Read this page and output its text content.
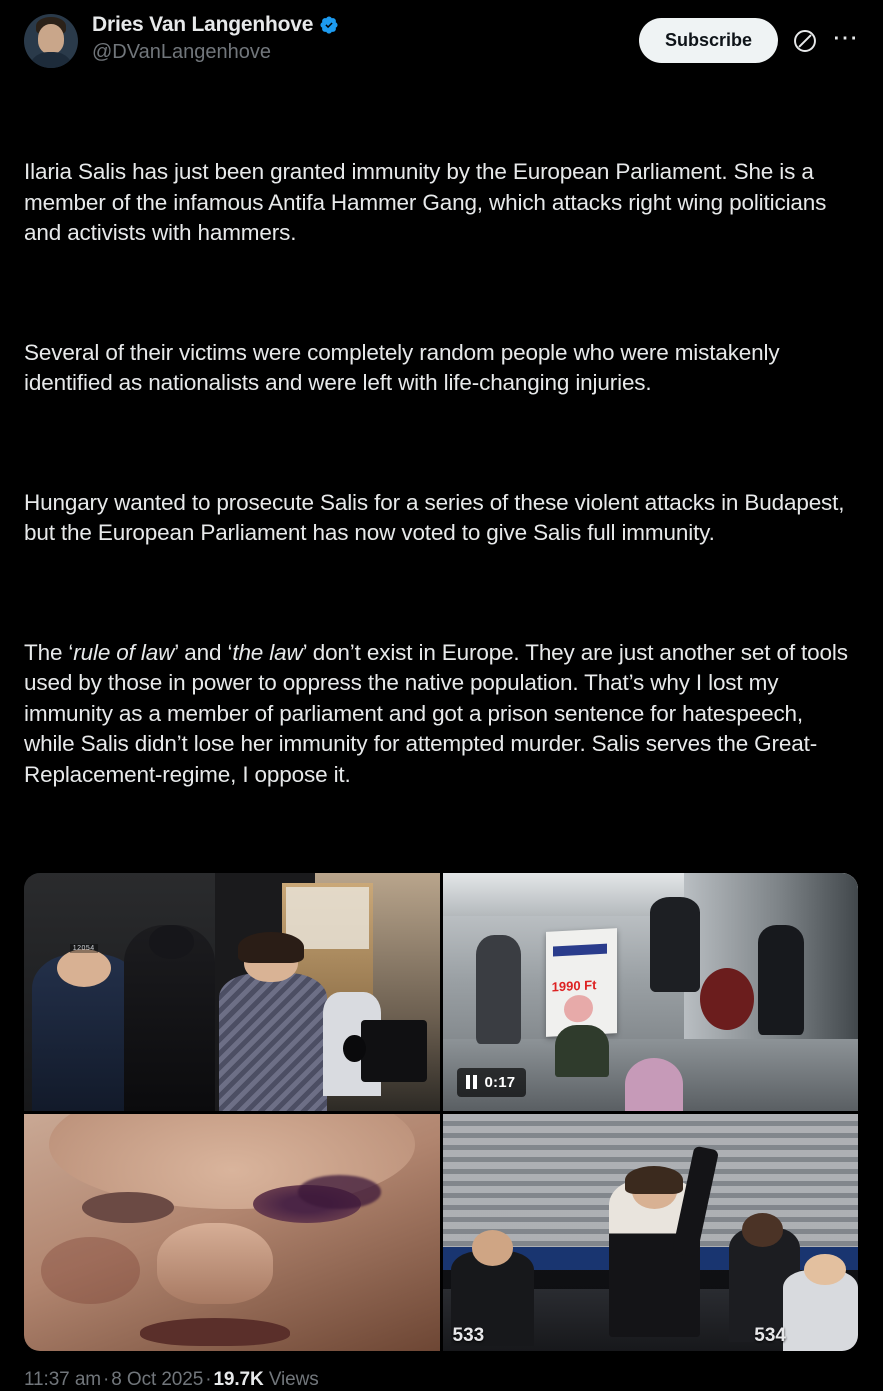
Dries Van Langenhove
@DVanLangenhove
Subscribe	⋯

Ilaria Salis has just been granted immunity by the European Parliament. She is a member of the infamous Antifa Hammer Gang, which attacks right wing politicians and activists with hammers.

Several of their victims were completely random people who were mistakenly identified as nationalists and were left with life-changing injuries.

Hungary wanted to prosecute Salis for a series of these violent attacks in Budapest, but the European Parliament has now voted to give Salis full immunity.

The ‘rule of law’ and ‘the law’ don’t exist in Europe. They are just another set of tools used by those in power to oppress the native population. That’s why I lost my immunity as a member of parliament and got a prison sentence for hatespeech, while Salis didn’t lose her immunity for attempted murder. Salis serves the Great-Replacement-regime, I oppose it.

12054
1990 Ft
0:17
533	534
11:37 am · 8 Oct 2025 · 19.7K Views
